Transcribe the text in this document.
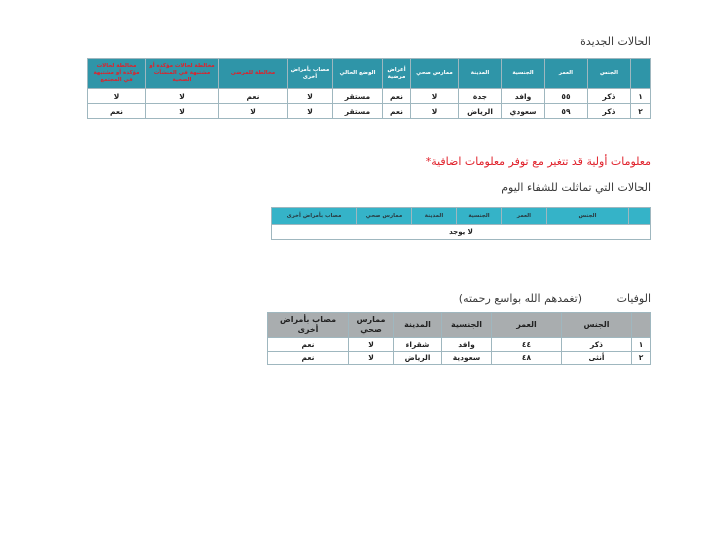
الحالات الجديدة
	الجنس	العمر	الجنسية	المدينة	ممارس صحي	أعراض مرضية	الوضع الحالي	مصاب بأمراض أخرى	مخالطة للمرضى	مخالطة لحالات مؤكدة أو مشتبهة في المنشآت الصحية	مخالطة لحالات مؤكدة أو مشتبهة في المجتمع
١	ذكر	٥٥	وافد	جدة	لا	نعم	مستقر	لا	نعم	لا	لا
٢	ذكر	٥٩	سعودي	الرياض	لا	نعم	مستقر	لا	لا	لا	نعم
معلومات أولية قد تتغير مع توفر معلومات اضافية*
الحالات التي تماثلت للشفاء اليوم
	الجنس	العمر	الجنسية	المدينة	ممارس صحي	مصاب بأمراض أخرى
لا يوجد
الوفيات
(تغمدهم الله بواسع رحمته)
	الجنس	العمر	الجنسية	المدينة	ممارس صحي	مصاب بأمراض أخرى
١	ذكر	٤٤	وافد	شقراء	لا	نعم
٢	أنثى	٤٨	سعودية	الرياض	لا	نعم
